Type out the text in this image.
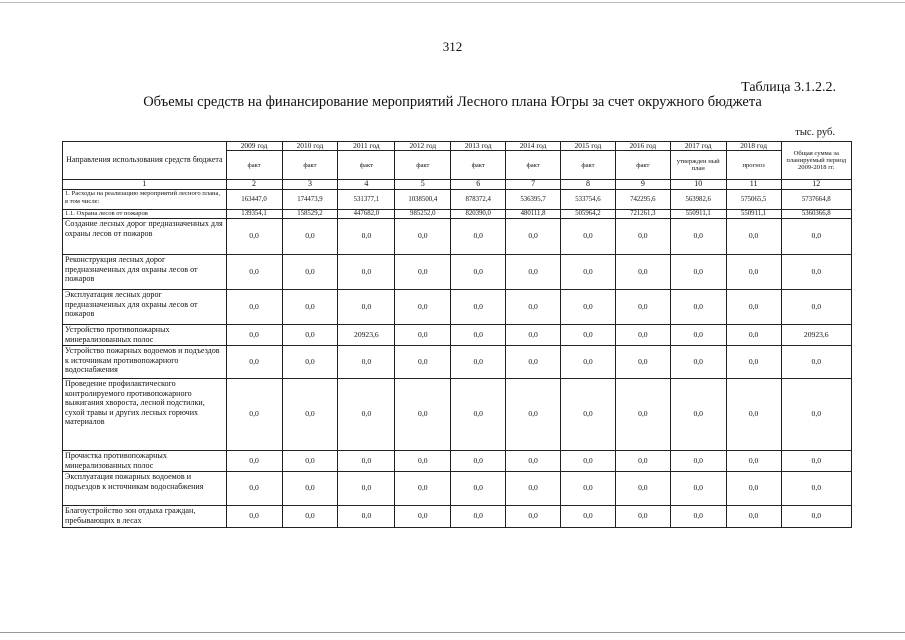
312
Таблица 3.1.2.2.
Объемы средств на финансирование мероприятий Лесного плана Югры за счет окружного бюджета
тыс. руб.
Направления использования средств бюджета	2009 год	2010 год	2011 год	2012 год	2013 год	2014 год	2015 год	2016 год	2017 год	2018 год	Общая сумма за планируемый период 2009-2018 гг.
	факт	факт	факт	факт	факт	факт	факт	факт	утвержден ный план	прогноз	
1	2	3	4	5	6	7	8	9	10	11	12
1. Расходы на реализацию мероприятий лесного плана, в том числе:	163447,0	174473,9	531377,1	1038500,4	878372,4	536395,7	533754,6	742295,6	563982,6	575065,5	5737664,8
1.1. Охрана лесов от пожаров	139354,1	158529,2	447682,0	985252,0	820390,0	480111,8	505964,2	721261,3	550911,1	550911,1	5360366,8
Создание лесных дорог предназначенных для охраны лесов от пожаров	0,0	0,0	0,0	0,0	0,0	0,0	0,0	0,0	0,0	0,0	0,0
Реконструкция лесных дорог предназначенных для охраны лесов от пожаров	0,0	0,0	0,0	0,0	0,0	0,0	0,0	0,0	0,0	0,0	0,0
Эксплуатация лесных дорог предназначенных для охраны лесов от пожаров	0,0	0,0	0,0	0,0	0,0	0,0	0,0	0,0	0,0	0,0	0,0
Устройство противопожарных минерализованных полос	0,0	0,0	20923,6	0,0	0,0	0,0	0,0	0,0	0,0	0,0	20923,6
Устройство пожарных водоемов и подъездов к источникам противопожарного водоснабжения	0,0	0,0	0,0	0,0	0,0	0,0	0,0	0,0	0,0	0,0	0,0
Проведение профилактического контролируемого противопожарного выжигания хвороста, лесной подстилки, сухой травы и других лесных горючих материалов	0,0	0,0	0,0	0,0	0,0	0,0	0,0	0,0	0,0	0,0	0,0
Прочистка противопожарных минерализованных полос	0,0	0,0	0,0	0,0	0,0	0,0	0,0	0,0	0,0	0,0	0,0
Эксплуатация пожарных водоемов и подъездов к источникам водоснабжения	0,0	0,0	0,0	0,0	0,0	0,0	0,0	0,0	0,0	0,0	0,0
Благоустройство зон отдыха граждан, пребывающих в лесах	0,0	0,0	0,0	0,0	0,0	0,0	0,0	0,0	0,0	0,0	0,0
